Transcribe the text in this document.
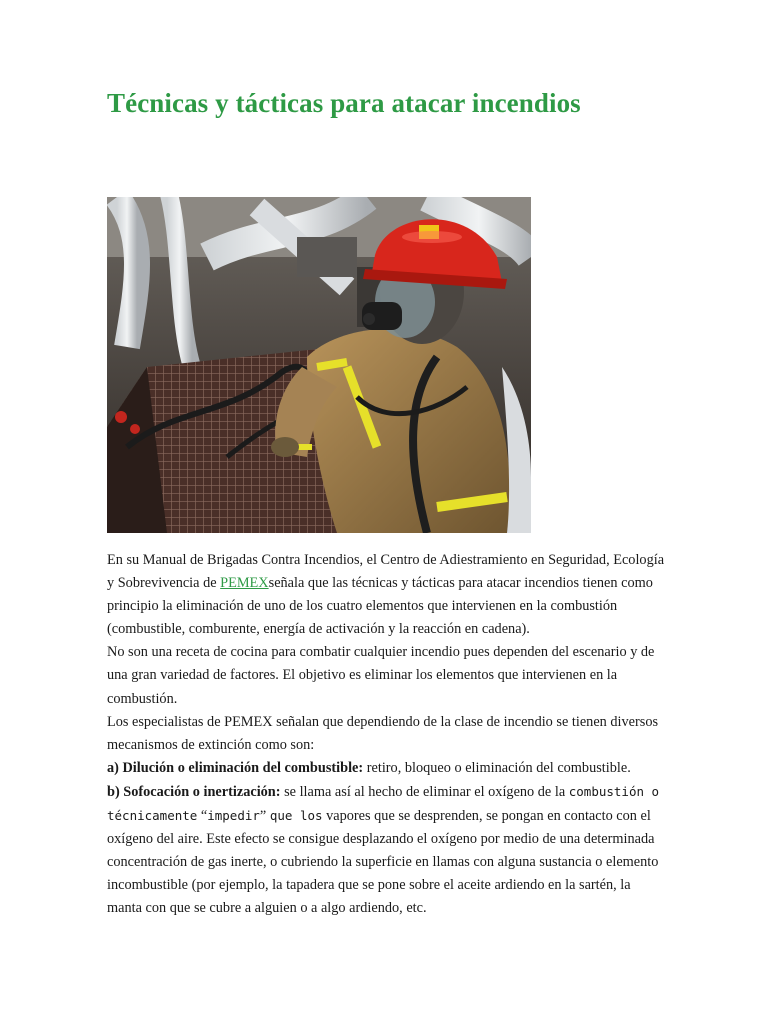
Técnicas y tácticas para atacar incendios

En su Manual de Brigadas Contra Incendios, el Centro de Adiestramiento en Seguridad, Ecología y Sobrevivencia de PEMEXseñala que las técnicas y tácticas para atacar incendios tienen como principio la eliminación de uno de los cuatro elementos que intervienen en la combustión (combustible, comburente, energía de activación y la reacción en cadena).

No son una receta de cocina para combatir cualquier incendio pues dependen del escenario y de una gran variedad de factores. El objetivo es eliminar los elementos que intervienen en la combustión.

Los especialistas de PEMEX señalan que dependiendo de la clase de incendio se tienen diversos mecanismos de extinción como son:

a) Dilución o eliminación del combustible: retiro, bloqueo o eliminación del combustible.

b) Sofocación o inertización: se llama así al hecho de eliminar el oxígeno de la combustión o técnicamente “impedir” que los vapores que se desprenden, se pongan en contacto con el oxígeno del aire. Este efecto se consigue desplazando el oxígeno por medio de una determinada concentración de gas inerte, o cubriendo la superficie en llamas con alguna sustancia o elemento incombustible (por ejemplo, la tapadera que se pone sobre el aceite ardiendo en la sartén, la manta con que se cubre a alguien o a algo ardiendo, etc.
